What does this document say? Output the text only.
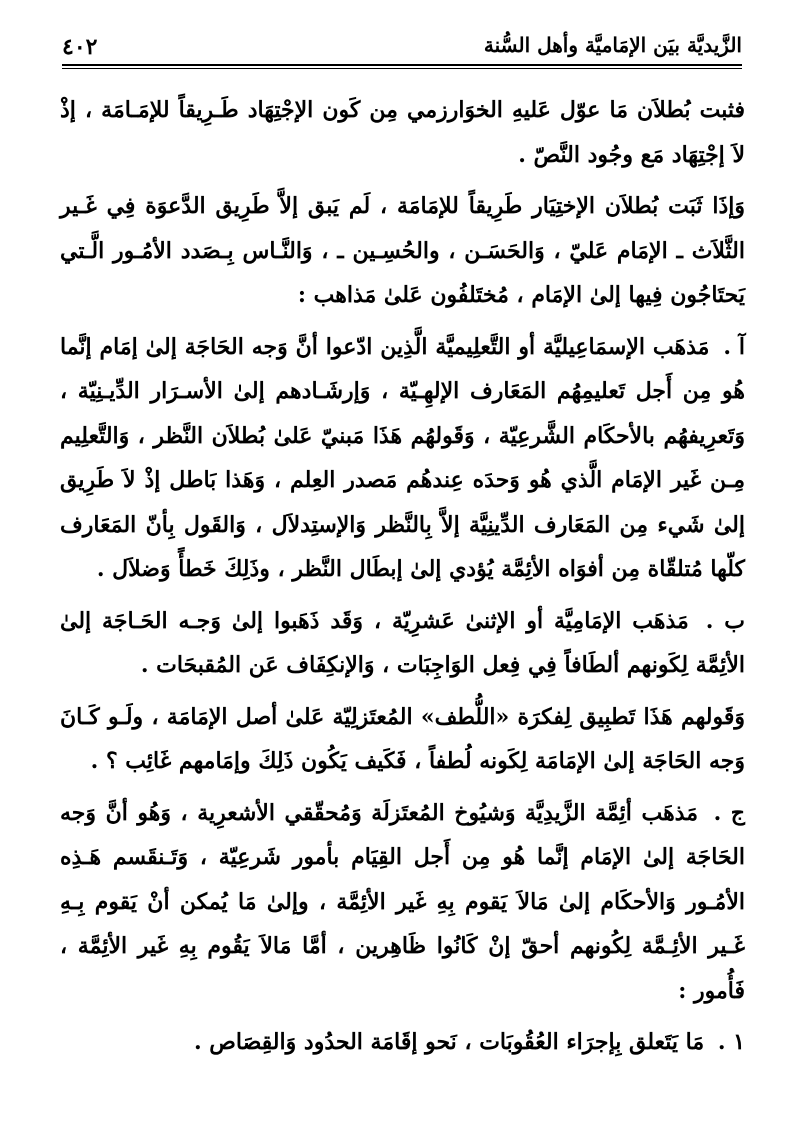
الزَّيديَّة بيَن الإمَاميَّة وأهل السُّنة
٤٠٢

فثبت بُطلاَن مَا عوّل عَليهِ الخوَارزمي مِن كَون الإجْتِهَاد طَـرِيقاً للإمَـامَة ، إذْ لاَ إجْتِهَاد مَع وجُود النَّصّ .

وَإذَا ثَبَت بُطلاَن الإختِيَار طَرِيقاً للإمَامَة ، لَم يَبق إلاَّ طَرِيق الدَّعوَة فِي غَـير الثَّلاَث ـ الإمَام عَليّ ، وَالحَسَـن ، والحُسِـين ـ ، وَالنَّـاس بِـصَدد الأمُـور الَّـتي يَحتَاجُون فِيها إلىٰ الإمَام ، مُختَلفُون عَلىٰ مَذاهب :

آ . مَذهَب الإسمَاعِيليَّة أو التَّعلِيميَّة الَّذِين ادّعوا أنَّ وَجه الحَاجَة إلىٰ إمَام إنَّما هُو مِن أَجل تَعليمِهُم المَعَارف الإلهِـيّة ، وَإرشَـادهم إلىٰ الأسـرَار الدِّيـنِيّة ، وَتَعرِيفهُم بالأحكَام الشَّرعِيّة ، وَقَولهُم هَذَا مَبنيّ عَلىٰ بُطلاَن النَّظر ، وَالتَّعلِيم مِـن غَير الإمَام الَّذي هُو وَحدَه عِندهُم مَصدر العِلم ، وَهَذا بَاطل إذْ لاَ طَرِيق إلىٰ شَيء مِن المَعَارف الدِّينِيَّة إلاَّ بِالنَّظر وَالإستِدلاَل ، وَالقَول بِأنّ المَعَارف كلّها مُتلقّاة مِن أفوَاه الأئِمَّة يُؤدي إلىٰ إبطَال النَّظر ، وذَلِكَ خَطأً وَضلاَل .

ب . مَذهَب الإمَامِيَّة أو الإثنىٰ عَشرِيّة ، وَقَد ذَهَبوا إلىٰ وَجـه الحَـاجَة إلىٰ الأئِمَّة لِكَونهم ألطَافاً فِي فِعل الوَاجِبَات ، وَالإنكِفَاف عَن المُقبحَات .

وَقَولهم هَذَا تَطبِيق لِفكرَة «اللُّطف» المُعتَزلِيّة عَلىٰ أصل الإمَامَة ، ولَـو كَـانَ وَجه الحَاجَة إلىٰ الإمَامَة لِكَونه لُطفاً ، فَكَيف يَكُون ذَلِكَ وإمَامهم غَائِب ؟ .

ج . مَذهَب أئِمَّة الزَّيدِيَّة وَشيُوخ المُعتَزلَة وَمُحقّقي الأشعرِية ، وَهُو أنَّ وَجه الحَاجَة إلىٰ الإمَام إنَّما هُو مِن أَجل القِيَام بأمور شَرعِيّة ، وَتَـنقَسم هَـذِه الأمُـور وَالأحكَام إلىٰ مَالاَ يَقوم بِهِ غَير الأئِمَّة ، وإلىٰ مَا يُمكن أنْ يَقوم بِـهِ غَـير الأئِـمَّة لِكُونهم أحقّ إنْ كَانُوا ظَاهِرين ، أمَّا مَالاَ يَقُوم بِهِ غَير الأئِمَّة ، فَأُمور :

١ . مَا يَتَعلق بِإجرَاء العُقُوبَات ، نَحو إقَامَة الحدُود وَالقِصَاص .
